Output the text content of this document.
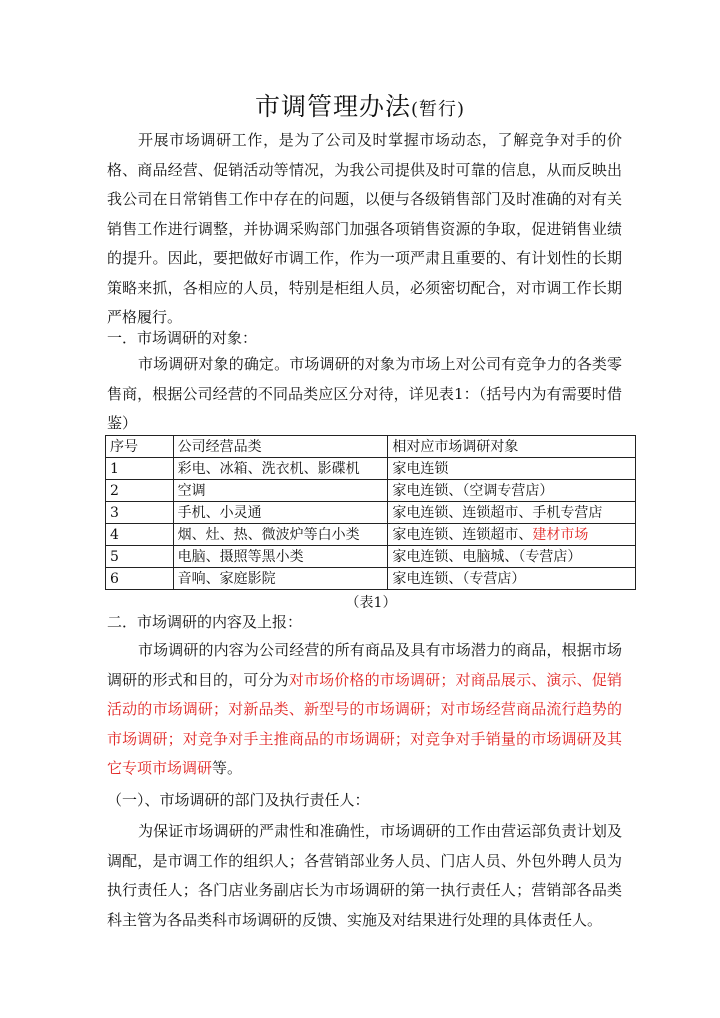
市调管理办法(暂行)

开展市场调研工作，是为了公司及时掌握市场动态，了解竞争对手的价格、商品经营、促销活动等情况，为我公司提供及时可靠的信息，从而反映出我公司在日常销售工作中存在的问题，以便与各级销售部门及时准确的对有关销售工作进行调整，并协调采购部门加强各项销售资源的争取，促进销售业绩的提升。因此，要把做好市调工作，作为一项严肃且重要的、有计划性的长期策略来抓，各相应的人员，特别是柜组人员，必须密切配合，对市调工作长期严格履行。

一．市场调研的对象：

市场调研对象的确定。市场调研的对象为市场上对公司有竞争力的各类零售商，根据公司经营的不同品类应区分对待，详见表1：（括号内为有需要时借鉴）

序号	公司经营品类	相对应市场调研对象
1	彩电、冰箱、洗衣机、影碟机	家电连锁
2	空调	家电连锁、（空调专营店）
3	手机、小灵通	家电连锁、连锁超市、手机专营店
4	烟、灶、热、微波炉等白小类	家电连锁、连锁超市、建材市场
5	电脑、摄照等黑小类	家电连锁、电脑城、（专营店）
6	音响、家庭影院	家电连锁、（专营店）
（表1）

二．市场调研的内容及上报：

市场调研的内容为公司经营的所有商品及具有市场潜力的商品，根据市场调研的形式和目的，可分为对市场价格的市场调研；对商品展示、演示、促销活动的市场调研；对新品类、新型号的市场调研；对市场经营商品流行趋势的市场调研；对竞争对手主推商品的市场调研；对竞争对手销量的市场调研及其它专项市场调研等。

（一）、市场调研的部门及执行责任人：

为保证市场调研的严肃性和准确性，市场调研的工作由营运部负责计划及调配，是市调工作的组织人；各营销部业务人员、门店人员、外包外聘人员为执行责任人；各门店业务副店长为市场调研的第一执行责任人；营销部各品类科主管为各品类科市场调研的反馈、实施及对结果进行处理的具体责任人。
